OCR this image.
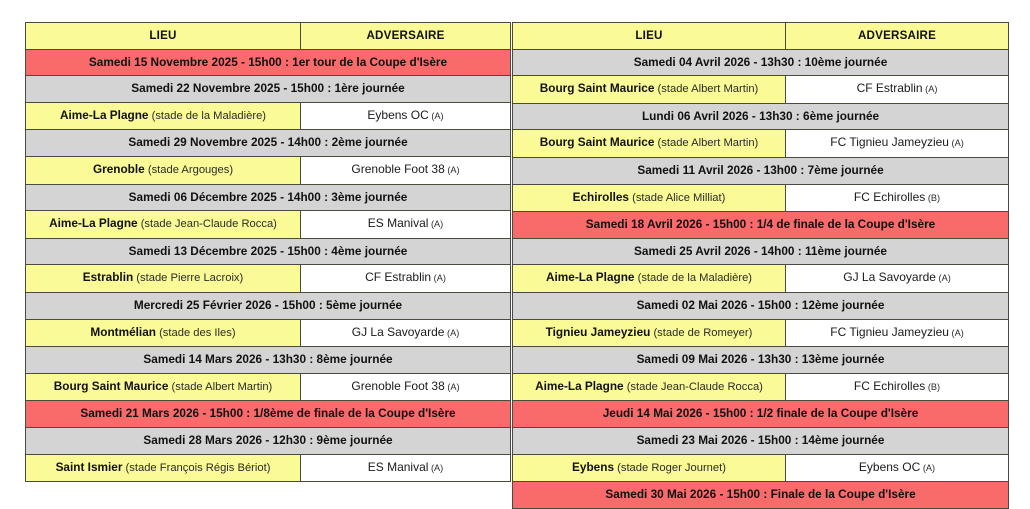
LIEU	ADVERSAIRE
Samedi 15 Novembre 2025 - 15h00 : 1er tour de la Coupe d'Isère	
Samedi 22 Novembre 2025 - 15h00 : 1ère journée	
Aime-La Plagne (stade de la Maladière)	Eybens OC (A)
Samedi 29 Novembre 2025 - 14h00 : 2ème journée	
Grenoble (stade Argouges)	Grenoble Foot 38 (A)
Samedi 06 Décembre 2025 - 14h00 : 3ème journée	
Aime-La Plagne (stade Jean-Claude Rocca)	ES Manival (A)
Samedi 13 Décembre 2025 - 15h00 : 4ème journée	
Estrablin (stade Pierre Lacroix)	CF Estrablin (A)
Mercredi 25 Février 2026 - 15h00 : 5ème journée	
Montmélian (stade des Iles)	GJ La Savoyarde (A)
Samedi 14 Mars 2026 - 13h30 : 8ème journée	
Bourg Saint Maurice (stade Albert Martin)	Grenoble Foot 38 (A)
Samedi 21 Mars 2026 - 15h00 : 1/8ème de finale de la Coupe d'Isère	
Samedi 28 Mars 2026 - 12h30 : 9ème journée	
Saint Ismier (stade François Régis Bériot)	ES Manival (A)
LIEU	ADVERSAIRE
Samedi 04 Avril 2026 - 13h30 : 10ème journée	
Bourg Saint Maurice (stade Albert Martin)	CF Estrablin (A)
Lundi 06 Avril 2026 - 13h30 : 6ème journée	
Bourg Saint Maurice (stade Albert Martin)	FC Tignieu Jameyzieu (A)
Samedi 11 Avril 2026 - 13h00 : 7ème journée	
Echirolles (stade Alice Milliat)	FC Echirolles (B)
Samedi 18 Avril 2026 - 15h00 : 1/4 de finale de la Coupe d'Isère	
Samedi 25 Avril 2026 - 14h00 : 11ème journée	
Aime-La Plagne (stade de la Maladière)	GJ La Savoyarde (A)
Samedi 02 Mai 2026 - 15h00 : 12ème journée	
Tignieu Jameyzieu (stade de Romeyer)	FC Tignieu Jameyzieu (A)
Samedi 09 Mai 2026 - 13h30 : 13ème journée	
Aime-La Plagne (stade Jean-Claude Rocca)	FC Echirolles (B)
Jeudi 14 Mai 2026 - 15h00 : 1/2 finale de la Coupe d'Isère	
Samedi 23 Mai 2026 - 15h00 : 14ème journée	
Eybens (stade Roger Journet)	Eybens OC (A)
Samedi 30 Mai 2026 - 15h00 : Finale de la Coupe d'Isère	
